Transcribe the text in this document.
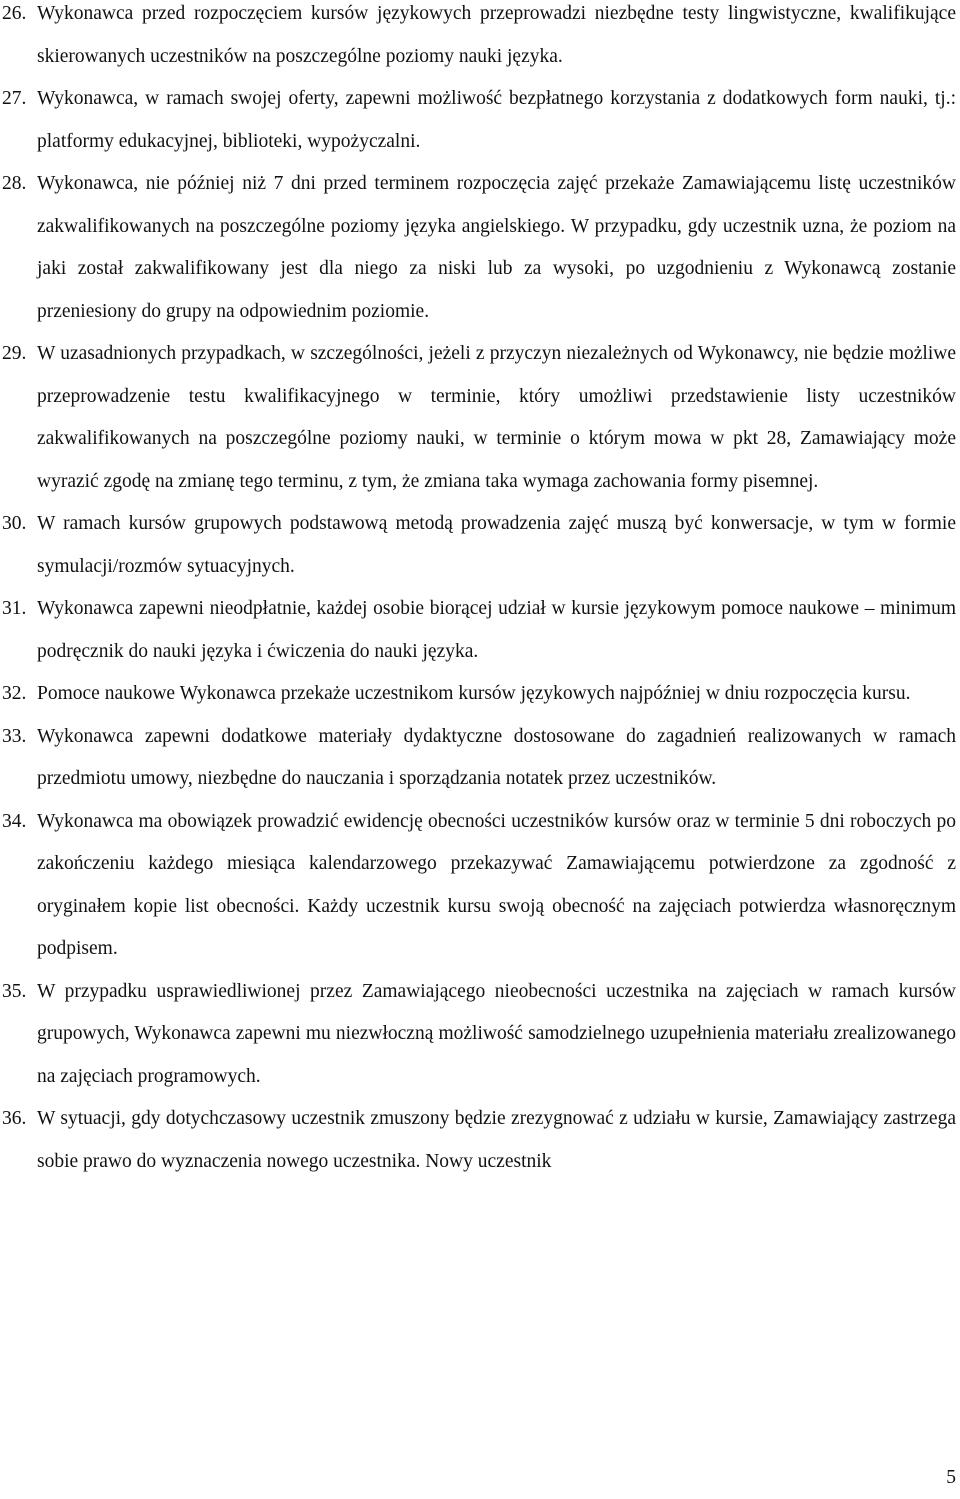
26. Wykonawca przed rozpoczęciem kursów językowych przeprowadzi niezbędne testy lingwistyczne, kwalifikujące skierowanych uczestników na poszczególne poziomy nauki języka.
27. Wykonawca, w ramach swojej oferty, zapewni możliwość bezpłatnego korzystania z dodatkowych form nauki, tj.: platformy edukacyjnej, biblioteki, wypożyczalni.
28. Wykonawca, nie później niż 7 dni przed terminem rozpoczęcia zajęć przekaże Zamawiającemu listę uczestników zakwalifikowanych na poszczególne poziomy języka angielskiego. W przypadku, gdy uczestnik uzna, że poziom na jaki został zakwalifikowany jest dla niego za niski lub za wysoki, po uzgodnieniu z Wykonawcą zostanie przeniesiony do grupy na odpowiednim poziomie.
29. W uzasadnionych przypadkach, w szczególności, jeżeli z przyczyn niezależnych od Wykonawcy, nie będzie możliwe przeprowadzenie testu kwalifikacyjnego w terminie, który umożliwi przedstawienie listy uczestników zakwalifikowanych na poszczególne poziomy nauki, w terminie o którym mowa w pkt 28, Zamawiający może wyrazić zgodę na zmianę tego terminu, z tym, że zmiana taka wymaga zachowania formy pisemnej.
30. W ramach kursów grupowych podstawową metodą prowadzenia zajęć muszą być konwersacje, w tym w formie symulacji/rozmów sytuacyjnych.
31. Wykonawca zapewni nieodpłatnie, każdej osobie biorącej udział w kursie językowym pomoce naukowe – minimum podręcznik do nauki języka i ćwiczenia do nauki języka.
32. Pomoce naukowe Wykonawca przekaże uczestnikom kursów językowych najpóźniej w dniu rozpoczęcia kursu.
33. Wykonawca zapewni dodatkowe materiały dydaktyczne dostosowane do zagadnień realizowanych w ramach przedmiotu umowy, niezbędne do nauczania i sporządzania notatek przez uczestników.
34. Wykonawca ma obowiązek prowadzić ewidencję obecności uczestników kursów oraz w terminie 5 dni roboczych po zakończeniu każdego miesiąca kalendarzowego przekazywać Zamawiającemu potwierdzone za zgodność z oryginałem kopie list obecności. Każdy uczestnik kursu swoją obecność na zajęciach potwierdza własnoręcznym podpisem.
35. W przypadku usprawiedliwionej przez Zamawiającego nieobecności uczestnika na zajęciach w ramach kursów grupowych, Wykonawca zapewni mu niezwłoczną możliwość samodzielnego uzupełnienia materiału zrealizowanego na zajęciach programowych.
36. W sytuacji, gdy dotychczasowy uczestnik zmuszony będzie zrezygnować z udziału w kursie, Zamawiający zastrzega sobie prawo do wyznaczenia nowego uczestnika. Nowy uczestnik
5
